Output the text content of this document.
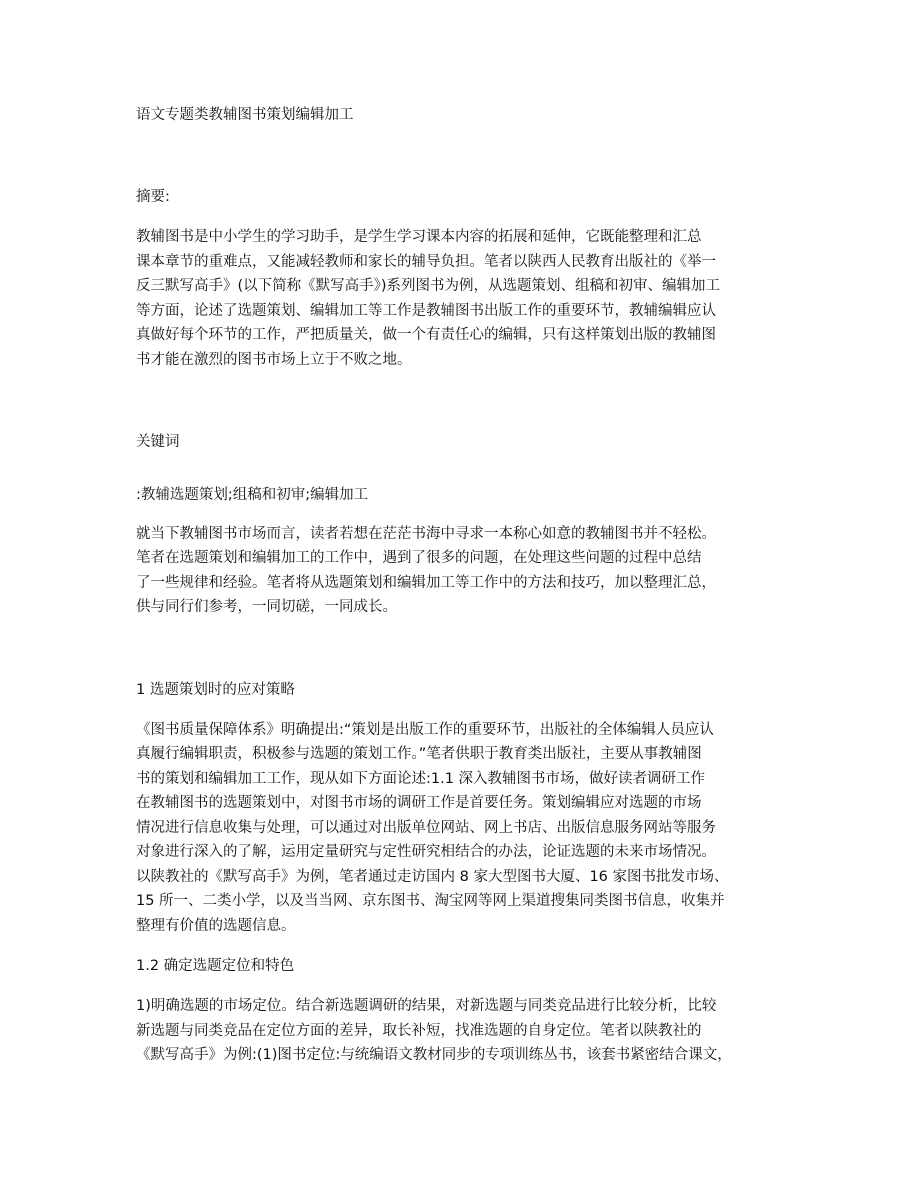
语文专题类教辅图书策划编辑加工
摘要:

教辅图书是中小学生的学习助手，是学生学习课本内容的拓展和延伸，它既能整理和汇总
课本章节的重难点，又能减轻教师和家长的辅导负担。笔者以陕西人民教育出版社的《举一
反三默写高手》(以下简称《默写高手》)系列图书为例，从选题策划、组稿和初审、编辑加工
等方面，论述了选题策划、编辑加工等工作是教辅图书出版工作的重要环节，教辅编辑应认
真做好每个环节的工作，严把质量关，做一个有责任心的编辑，只有这样策划出版的教辅图
书才能在激烈的图书市场上立于不败之地。

关键词

:教辅选题策划;组稿和初审;编辑加工

就当下教辅图书市场而言，读者若想在茫茫书海中寻求一本称心如意的教辅图书并不轻松。
笔者在选题策划和编辑加工的工作中，遇到了很多的问题，在处理这些问题的过程中总结
了一些规律和经验。笔者将从选题策划和编辑加工等工作中的方法和技巧，加以整理汇总，
供与同行们参考，一同切磋，一同成长。

1 选题策划时的应对策略

《图书质量保障体系》明确提出:“策划是出版工作的重要环节，出版社的全体编辑人员应认
真履行编辑职责，积极参与选题的策划工作。”笔者供职于教育类出版社，主要从事教辅图
书的策划和编辑加工工作，现从如下方面论述:1.1 深入教辅图书市场，做好读者调研工作
在教辅图书的选题策划中，对图书市场的调研工作是首要任务。策划编辑应对选题的市场
情况进行信息收集与处理，可以通过对出版单位网站、网上书店、出版信息服务网站等服务
对象进行深入的了解，运用定量研究与定性研究相结合的办法，论证选题的未来市场情况。
以陕教社的《默写高手》为例，笔者通过走访国内 8 家大型图书大厦、16 家图书批发市场、
15 所一、二类小学，以及当当网、京东图书、淘宝网等网上渠道搜集同类图书信息，收集并
整理有价值的选题信息。

1.2 确定选题定位和特色

1)明确选题的市场定位。结合新选题调研的结果，对新选题与同类竞品进行比较分析，比较
新选题与同类竞品在定位方面的差异，取长补短，找准选题的自身定位。笔者以陕教社的
《默写高手》为例:(1)图书定位:与统编语文教材同步的专项训练丛书，该套书紧密结合课文，
